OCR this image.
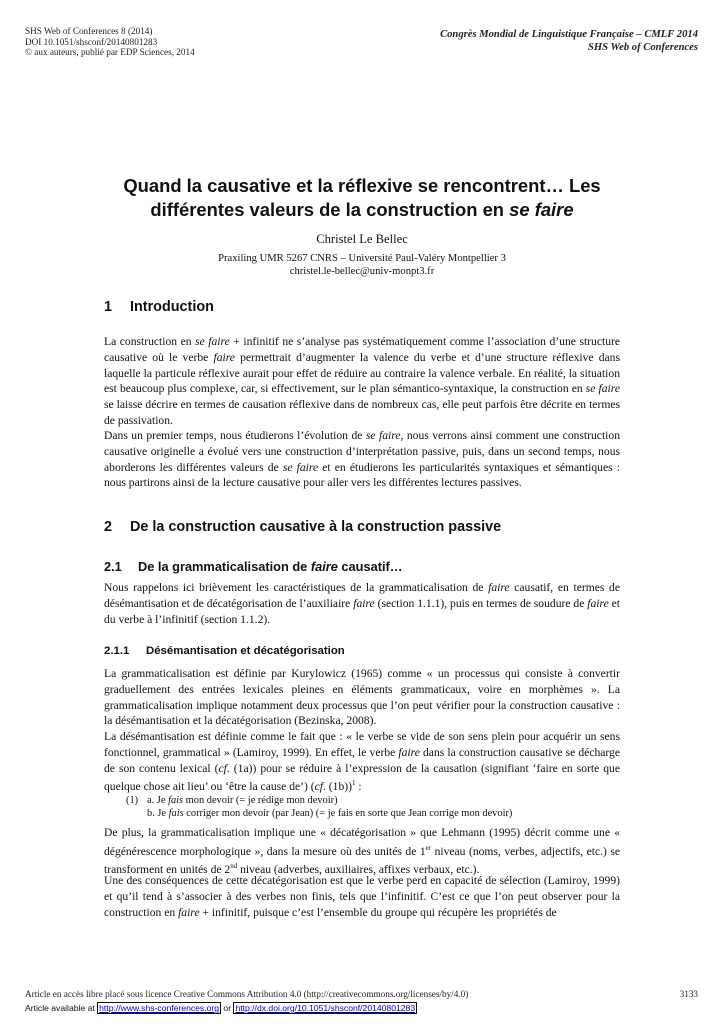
SHS Web of Conferences 8 (2014)
DOI 10.1051/shsconf/20140801283
© aux auteurs, publié par EDP Sciences, 2014
Congrès Mondial de Linguistique Française – CMLF 2014
SHS Web of Conferences
Quand la causative et la réflexive se rencontrent… Les
différentes valeurs de la construction en se faire
Christel Le Bellec
Praxiling UMR 5267 CNRS – Université Paul-Valéry Montpellier 3
christel.le-bellec@univ-monpt3.fr
1 Introduction
La construction en se faire + infinitif ne s’analyse pas systématiquement comme l’association d’une structure causative où le verbe faire permettrait d’augmenter la valence du verbe et d’une structure réflexive dans laquelle la particule réflexive aurait pour effet de réduire au contraire la valence verbale. En réalité, la situation est beaucoup plus complexe, car, si effectivement, sur le plan sémantico-syntaxique, la construction en se faire se laisse décrire en termes de causation réflexive dans de nombreux cas, elle peut parfois être décrite en termes de passivation.
Dans un premier temps, nous étudierons l’évolution de se faire, nous verrons ainsi comment une construction causative originelle a évolué vers une construction d’interprétation passive, puis, dans un second temps, nous aborderons les différentes valeurs de se faire et en étudierons les particularités syntaxiques et sémantiques : nous partirons ainsi de la lecture causative pour aller vers les différentes lectures passives.
2 De la construction causative à la construction passive
2.1 De la grammaticalisation de faire causatif…
Nous rappelons ici brièvement les caractéristiques de la grammaticalisation de faire causatif, en termes de désémantisation et de décatégorisation de l’auxiliaire faire (section 1.1.1), puis en termes de soudure de faire et du verbe à l’infinitif (section 1.1.2).
2.1.1 Désémantisation et décatégorisation
La grammaticalisation est définie par Kurylowicz (1965) comme « un processus qui consiste à convertir graduellement des entrées lexicales pleines en éléments grammaticaux, voire en morphèmes ». La grammaticalisation implique notamment deux processus que l’on peut vérifier pour la construction causative : la désémantisation et la décatégorisation (Bezinska, 2008).
La désémantisation est définie comme le fait que : « le verbe se vide de son sens plein pour acquérir un sens fonctionnel, grammatical » (Lamiroy, 1999). En effet, le verbe faire dans la construction causative se décharge de son contenu lexical (cf. (1a)) pour se réduire à l’expression de la causation (signifiant ‘faire en sorte que quelque chose ait lieu’ ou ‘être la cause de’) (cf. (1b))$^1$ :
(1) a. Je fais mon devoir (= je rédige mon devoir)
b. Je fais corriger mon devoir (par Jean) (= je fais en sorte que Jean corrige mon devoir)
De plus, la grammaticalisation implique une « décatégorisation » que Lehmann (1995) décrit comme une « dégénérescence morphologique », dans la mesure où des unités de 1er niveau (noms, verbes, adjectifs, etc.) se transforment en unités de 2nd niveau (adverbes, auxiliaires, affixes verbaux, etc.).
Une des conséquences de cette décatégorisation est que le verbe perd en capacité de sélection (Lamiroy, 1999) et qu’il tend à s’associer à des verbes non finis, tels que l’infinitif. C’est ce que l’on peut observer pour la construction en faire + infinitif, puisque c’est l’ensemble du groupe qui récupère les propriétés de
Article en accès libre placé sous licence Creative Commons Attribution 4.0 (http://creativecommons.org/licenses/by/4.0)	3133
Article available at http://www.shs-conferences.org or http://dx.doi.org/10.1051/shsconf/20140801283
